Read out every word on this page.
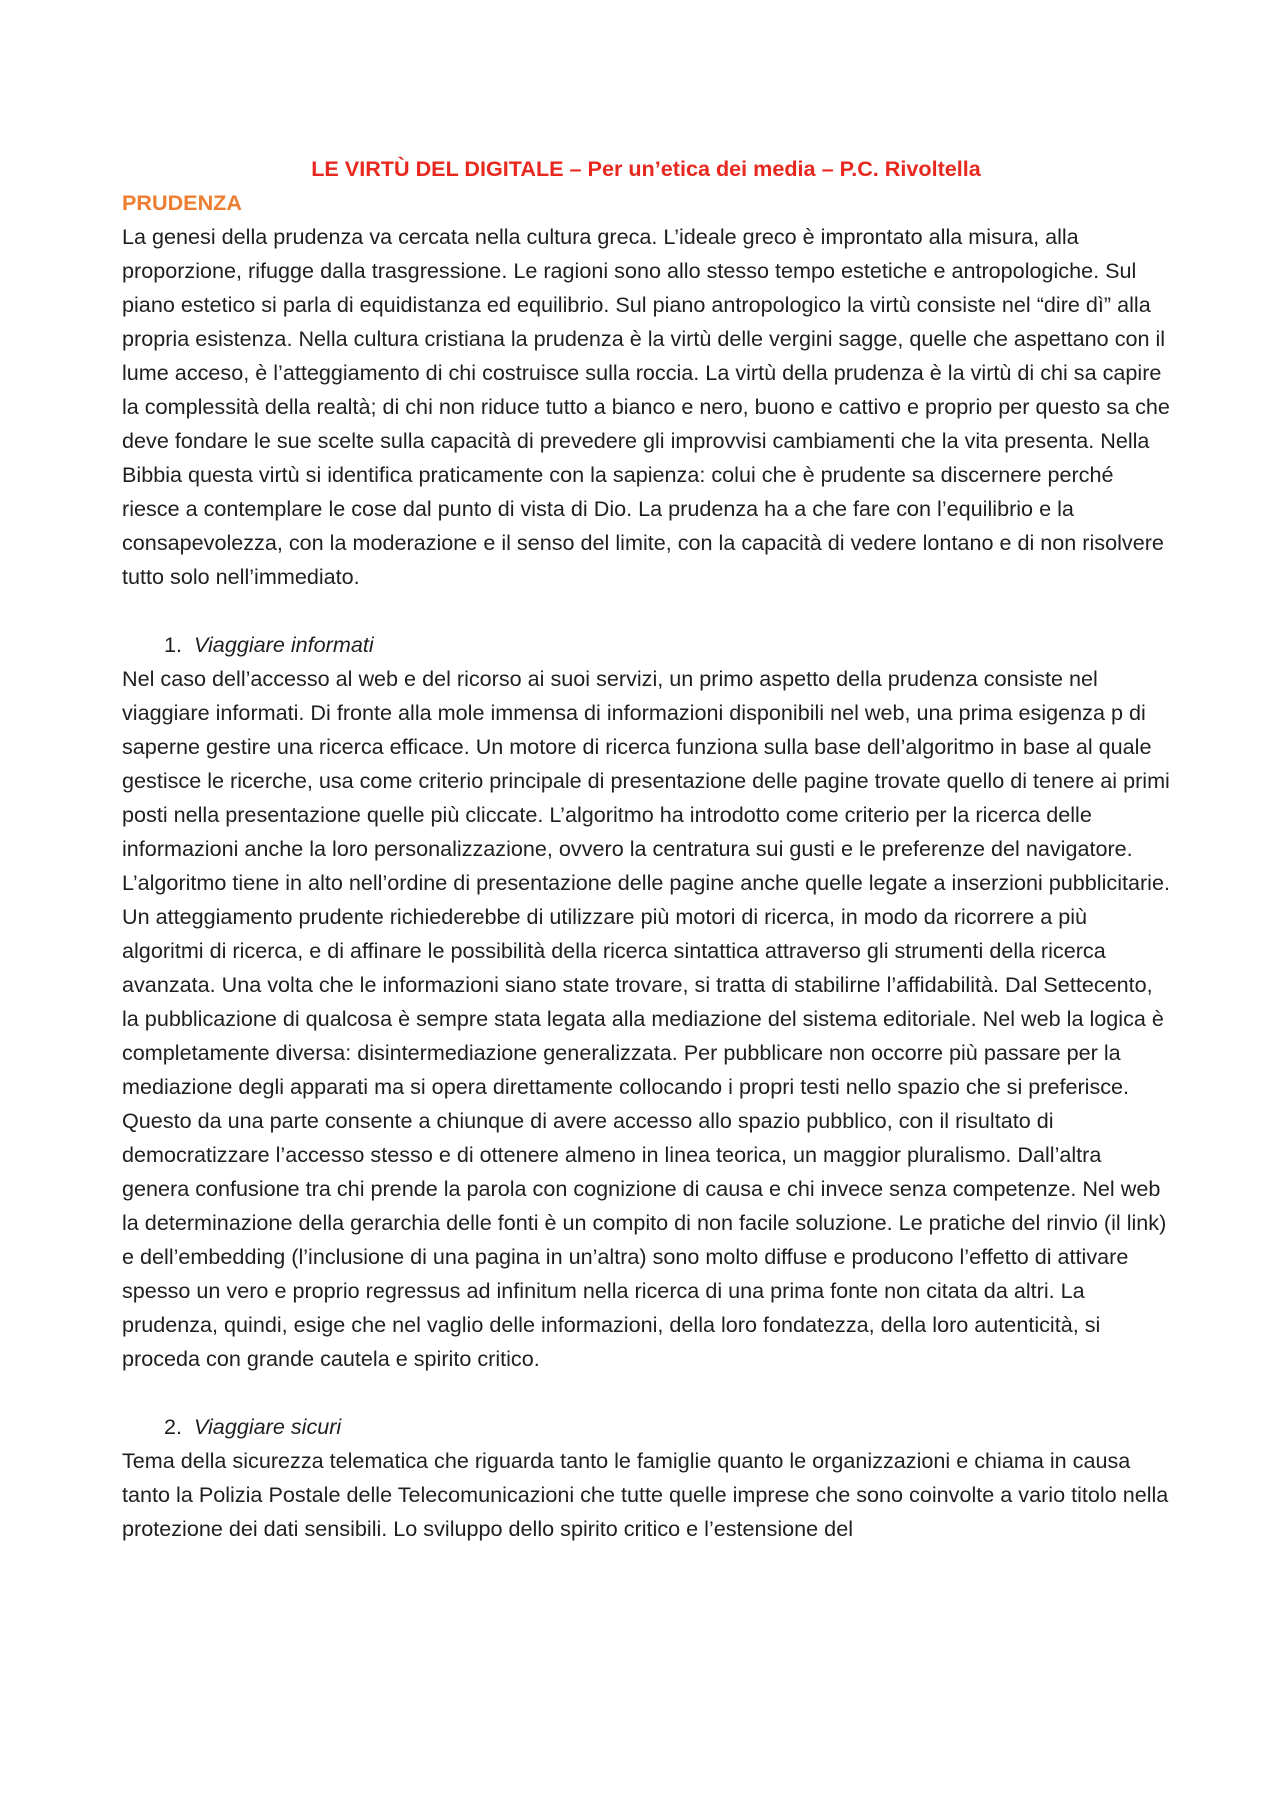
LE VIRTÙ DEL DIGITALE – Per un’etica dei media – P.C. Rivoltella
PRUDENZA

La genesi della prudenza va cercata nella cultura greca. L’ideale greco è improntato alla misura, alla proporzione, rifugge dalla trasgressione. Le ragioni sono allo stesso tempo estetiche e antropologiche. Sul piano estetico si parla di equidistanza ed equilibrio. Sul piano antropologico la virtù consiste nel “dire dì” alla propria esistenza. Nella cultura cristiana la prudenza è la virtù delle vergini sagge, quelle che aspettano con il lume acceso, è l’atteggiamento di chi costruisce sulla roccia. La virtù della prudenza è la virtù di chi sa capire la complessità della realtà; di chi non riduce tutto a bianco e nero, buono e cattivo e proprio per questo sa che deve fondare le sue scelte sulla capacità di prevedere gli improvvisi cambiamenti che la vita presenta. Nella Bibbia questa virtù si identifica praticamente con la sapienza: colui che è prudente sa discernere perché riesce a contemplare le cose dal punto di vista di Dio. La prudenza ha a che fare con l’equilibrio e la consapevolezza, con la moderazione e il senso del limite, con la capacità di vedere lontano e di non risolvere tutto solo nell’immediato.

1. Viaggiare informati

Nel caso dell’accesso al web e del ricorso ai suoi servizi, un primo aspetto della prudenza consiste nel viaggiare informati. Di fronte alla mole immensa di informazioni disponibili nel web, una prima esigenza p di saperne gestire una ricerca efficace. Un motore di ricerca funziona sulla base dell’algoritmo in base al quale gestisce le ricerche, usa come criterio principale di presentazione delle pagine trovate quello di tenere ai primi posti nella presentazione quelle più cliccate. L’algoritmo ha introdotto come criterio per la ricerca delle informazioni anche la loro personalizzazione, ovvero la centratura sui gusti e le preferenze del navigatore. L’algoritmo tiene in alto nell’ordine di presentazione delle pagine anche quelle legate a inserzioni pubblicitarie. Un atteggiamento prudente richiederebbe di utilizzare più motori di ricerca, in modo da ricorrere a più algoritmi di ricerca, e di affinare le possibilità della ricerca sintattica attraverso gli strumenti della ricerca avanzata. Una volta che le informazioni siano state trovare, si tratta di stabilirne l’affidabilità. Dal Settecento, la pubblicazione di qualcosa è sempre stata legata alla mediazione del sistema editoriale. Nel web la logica è completamente diversa: disintermediazione generalizzata. Per pubblicare non occorre più passare per la mediazione degli apparati ma si opera direttamente collocando i propri testi nello spazio che si preferisce. Questo da una parte consente a chiunque di avere accesso allo spazio pubblico, con il risultato di democratizzare l’accesso stesso e di ottenere almeno in linea teorica, un maggior pluralismo. Dall’altra genera confusione tra chi prende la parola con cognizione di causa e chi invece senza competenze. Nel web la determinazione della gerarchia delle fonti è un compito di non facile soluzione. Le pratiche del rinvio (il link) e dell’embedding (l’inclusione di una pagina in un’altra) sono molto diffuse e producono l’effetto di attivare spesso un vero e proprio regressus ad infinitum nella ricerca di una prima fonte non citata da altri. La prudenza, quindi, esige che nel vaglio delle informazioni, della loro fondatezza, della loro autenticità, si proceda con grande cautela e spirito critico.

2. Viaggiare sicuri

Tema della sicurezza telematica che riguarda tanto le famiglie quanto le organizzazioni e chiama in causa tanto la Polizia Postale delle Telecomunicazioni che tutte quelle imprese che sono coinvolte a vario titolo nella protezione dei dati sensibili. Lo sviluppo dello spirito critico e l’estensione del
